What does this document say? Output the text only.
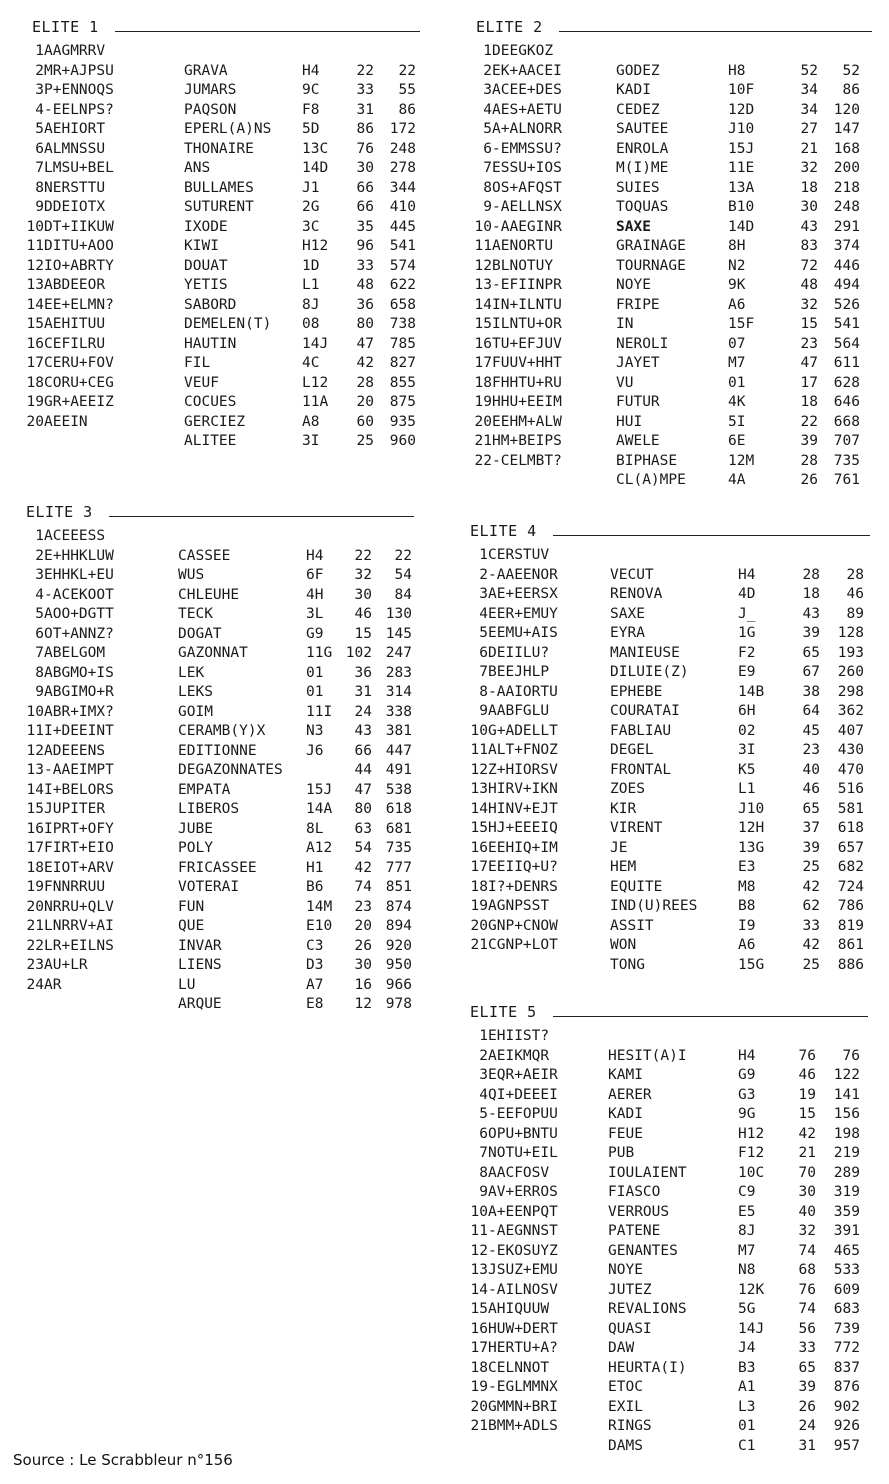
ELITE 1
1	AAGMRRV				
2	MR+AJPSU	GRAVA	H4	22	22
3	P+ENNOQS	JUMARS	9C	33	55
4	-EELNPS?	PAQSON	F8	31	86
5	AEHIORT	EPERL(A)NS	5D	86	172
6	ALMNSSU	THONAIRE	13C	76	248
7	LMSU+BEL	ANS	14D	30	278
8	NERSTTU	BULLAMES	J1	66	344
9	DDEIOTX	SUTURENT	2G	66	410
10	DT+IIKUW	IXODE	3C	35	445
11	DITU+AOO	KIWI	H12	96	541
12	IO+ABRTY	DOUAT	1D	33	574
13	ABDEEOR	YETIS	L1	48	622
14	EE+ELMN?	SABORD	8J	36	658
15	AEHITUU	DEMELEN(T)	08	80	738
16	CEFILRU	HAUTIN	14J	47	785
17	CERU+FOV	FIL	4C	42	827
18	CORU+CEG	VEUF	L12	28	855
19	GR+AEEIZ	COCUES	11A	20	875
20	AEEIN	GERCIEZ	A8	60	935
		ALITEE	3I	25	960
ELITE 2
1	DEEGKOZ				
2	EK+AACEI	GODEZ	H8	52	52
3	ACEE+DES	KADI	10F	34	86
4	AES+AETU	CEDEZ	12D	34	120
5	A+ALNORR	SAUTEE	J10	27	147
6	-EMMSSU?	ENROLA	15J	21	168
7	ESSU+IOS	M(I)ME	11E	32	200
8	OS+AFQST	SUIES	13A	18	218
9	-AELLNSX	TOQUAS	B10	30	248
10	-AAEGINR	SAXE	14D	43	291
11	AENORTU	GRAINAGE	8H	83	374
12	BLNOTUY	TOURNAGE	N2	72	446
13	-EFIINPR	NOYE	9K	48	494
14	IN+ILNTU	FRIPE	A6	32	526
15	ILNTU+OR	IN	15F	15	541
16	TU+EFJUV	NEROLI	07	23	564
17	FUUV+HHT	JAYET	M7	47	611
18	FHHTU+RU	VU	01	17	628
19	HHU+EEIM	FUTUR	4K	18	646
20	EEHM+ALW	HUI	5I	22	668
21	HM+BEIPS	AWELE	6E	39	707
22	-CELMBT?	BIPHASE	12M	28	735
		CL(A)MPE	4A	26	761
ELITE 3
1	ACEEESS				
2	E+HHKLUW	CASSEE	H4	22	22
3	EHHKL+EU	WUS	6F	32	54
4	-ACEKOOT	CHLEUHE	4H	30	84
5	AOO+DGTT	TECK	3L	46	130
6	OT+ANNZ?	DOGAT	G9	15	145
7	ABELGOM	GAZONNAT	11G	102	247
8	ABGMO+IS	LEK	01	36	283
9	ABGIMO+R	LEKS	01	31	314
10	ABR+IMX?	GOIM	11I	24	338
11	I+DEEINT	CERAMB(Y)X	N3	43	381
12	ADEEENS	EDITIONNE	J6	66	447
13	-AAEIMPT	DEGAZONNATES		44	491
14	I+BELORS	EMPATA	15J	47	538
15	JUPITER	LIBEROS	14A	80	618
16	IPRT+OFY	JUBE	8L	63	681
17	FIRT+EIO	POLY	A12	54	735
18	EIOT+ARV	FRICASSEE	H1	42	777
19	FNNRRUU	VOTERAI	B6	74	851
20	NRRU+QLV	FUN	14M	23	874
21	LNRRV+AI	QUE	E10	20	894
22	LR+EILNS	INVAR	C3	26	920
23	AU+LR	LIENS	D3	30	950
24	AR	LU	A7	16	966
		ARQUE	E8	12	978
ELITE 4
1	CERSTUV				
2	-AAEENOR	VECUT	H4	28	28
3	AE+EERSX	RENOVA	4D	18	46
4	EER+EMUY	SAXE	J_	43	89
5	EEMU+AIS	EYRA	1G	39	128
6	DEIILU?	MANIEUSE	F2	65	193
7	BEEJHLP	DILUIE(Z)	E9	67	260
8	-AAIORTU	EPHEBE	14B	38	298
9	AABFGLU	COURATAI	6H	64	362
10	G+ADELLT	FABLIAU	02	45	407
11	ALT+FNOZ	DEGEL	3I	23	430
12	Z+HIORSV	FRONTAL	K5	40	470
13	HIRV+IKN	ZOES	L1	46	516
14	HINV+EJT	KIR	J10	65	581
15	HJ+EEEIQ	VIRENT	12H	37	618
16	EEHIQ+IM	JE	13G	39	657
17	EEIIQ+U?	HEM	E3	25	682
18	I?+DENRS	EQUITE	M8	42	724
19	AGNPSST	IND(U)REES	B8	62	786
20	GNP+CNOW	ASSIT	I9	33	819
21	CGNP+LOT	WON	A6	42	861
		TONG	15G	25	886
ELITE 5
1	EHIIST?				
2	AEIKMQR	HESIT(A)I	H4	76	76
3	EQR+AEIR	KAMI	G9	46	122
4	QI+DEEEI	AERER	G3	19	141
5	-EEFOPUU	KADI	9G	15	156
6	OPU+BNTU	FEUE	H12	42	198
7	NOTU+EIL	PUB	F12	21	219
8	AACFOSV	IOULAIENT	10C	70	289
9	AV+ERROS	FIASCO	C9	30	319
10	A+EENPQT	VERROUS	E5	40	359
11	-AEGNNST	PATENE	8J	32	391
12	-EKOSUYZ	GENANTES	M7	74	465
13	JSUZ+EMU	NOYE	N8	68	533
14	-AILNOSV	JUTEZ	12K	76	609
15	AHIQUUW	REVALIONS	5G	74	683
16	HUW+DERT	QUASI	14J	56	739
17	HERTU+A?	DAW	J4	33	772
18	CELNNOT	HEURTA(I)	B3	65	837
19	-EGLMMNX	ETOC	A1	39	876
20	GMMN+BRI	EXIL	L3	26	902
21	BMM+ADLS	RINGS	01	24	926
		DAMS	C1	31	957
Source : Le Scrabbleur n°156
